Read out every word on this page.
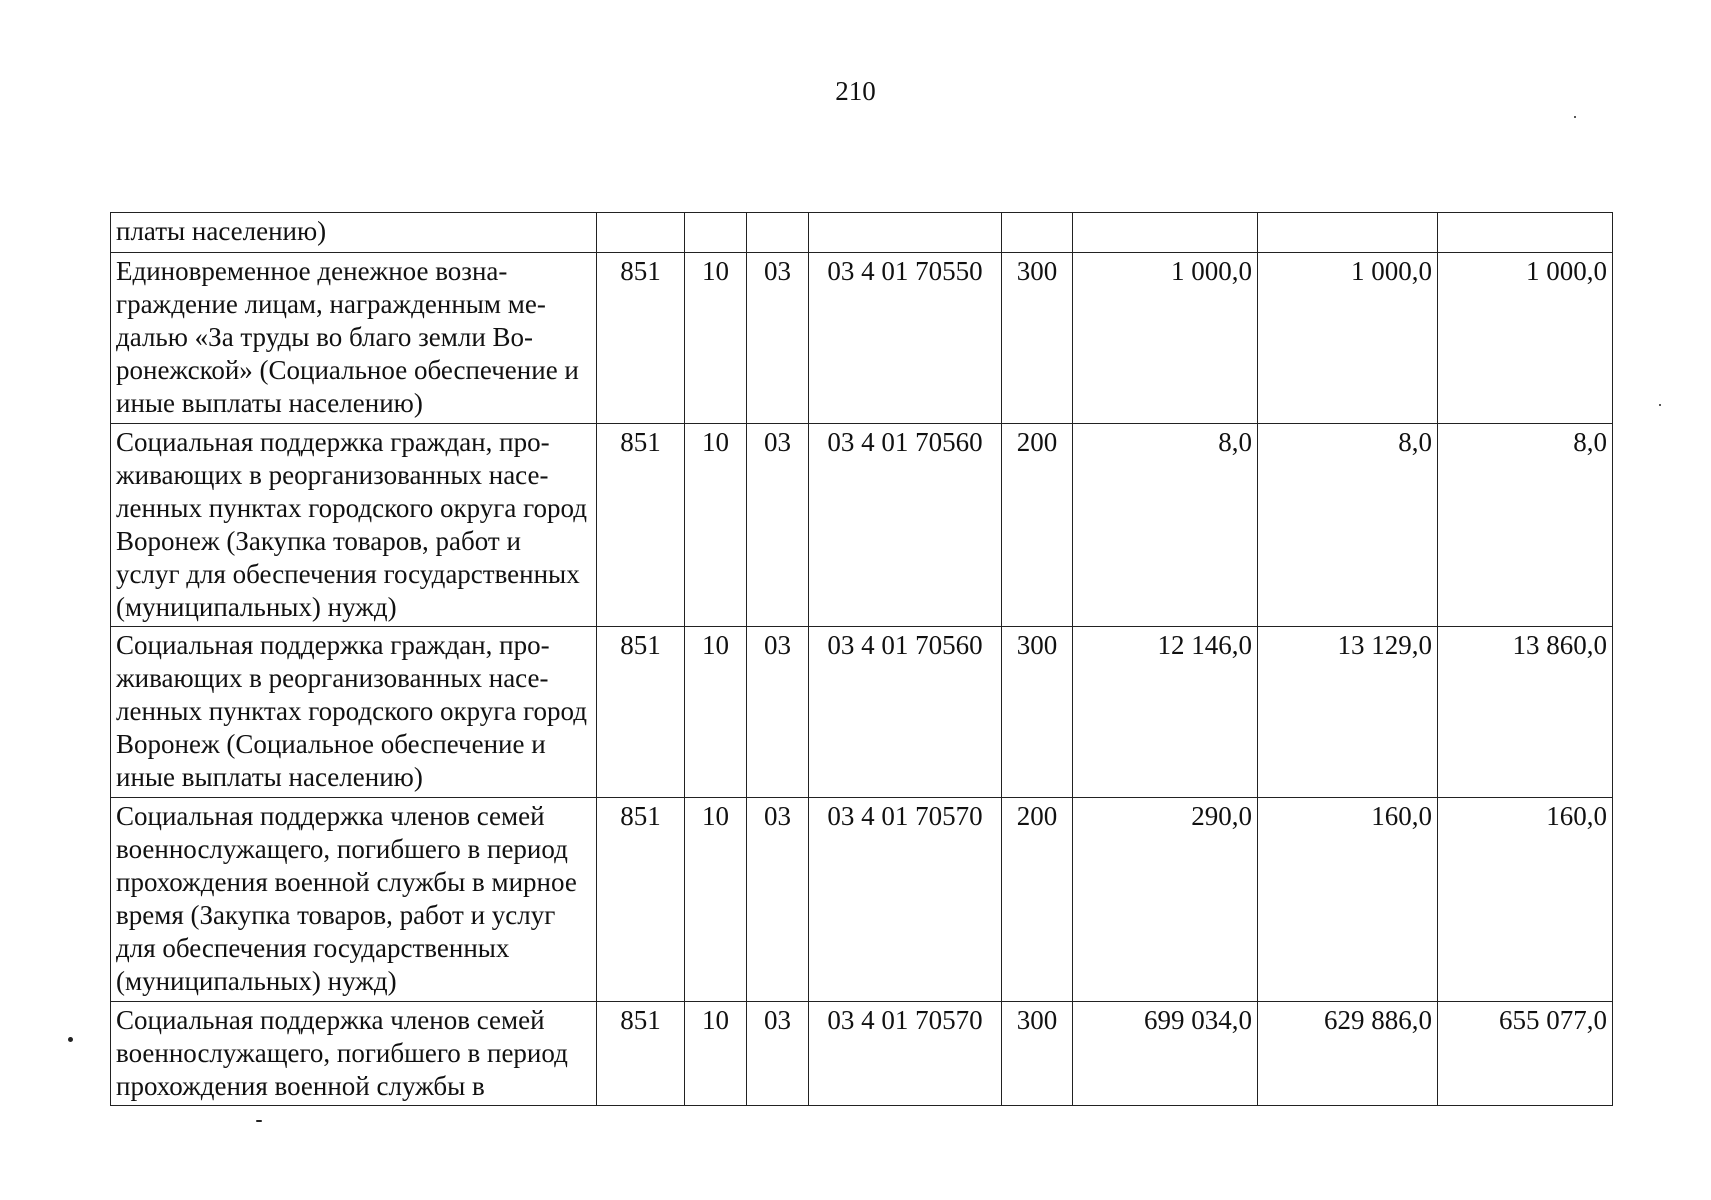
210
платы населению)								
Единовременное денежное вознаграждение лицам, награжденным медалью «За труды во благо земли Воронежской» (Социальное обеспечение и иные выплаты населению)	851	10	03	03 4 01 70550	300	1 000,0	1 000,0	1 000,0
Социальная поддержка граждан, проживающих в реорганизованных населенных пунктах городского округа город Воронеж (Закупка товаров, работ и услуг для обеспечения государственных (муниципальных) нужд)	851	10	03	03 4 01 70560	200	8,0	8,0	8,0
Социальная поддержка граждан, проживающих в реорганизованных населенных пунктах городского округа город Воронеж (Социальное обеспечение и иные выплаты населению)	851	10	03	03 4 01 70560	300	12 146,0	13 129,0	13 860,0
Социальная поддержка членов семей военнослужащего, погибшего в период прохождения военной службы в мирное время (Закупка товаров, работ и услуг для обеспечения государственных (муниципальных) нужд)	851	10	03	03 4 01 70570	200	290,0	160,0	160,0
Социальная поддержка членов семей военнослужащего, погибшего в период прохождения военной службы в	851	10	03	03 4 01 70570	300	699 034,0	629 886,0	655 077,0
